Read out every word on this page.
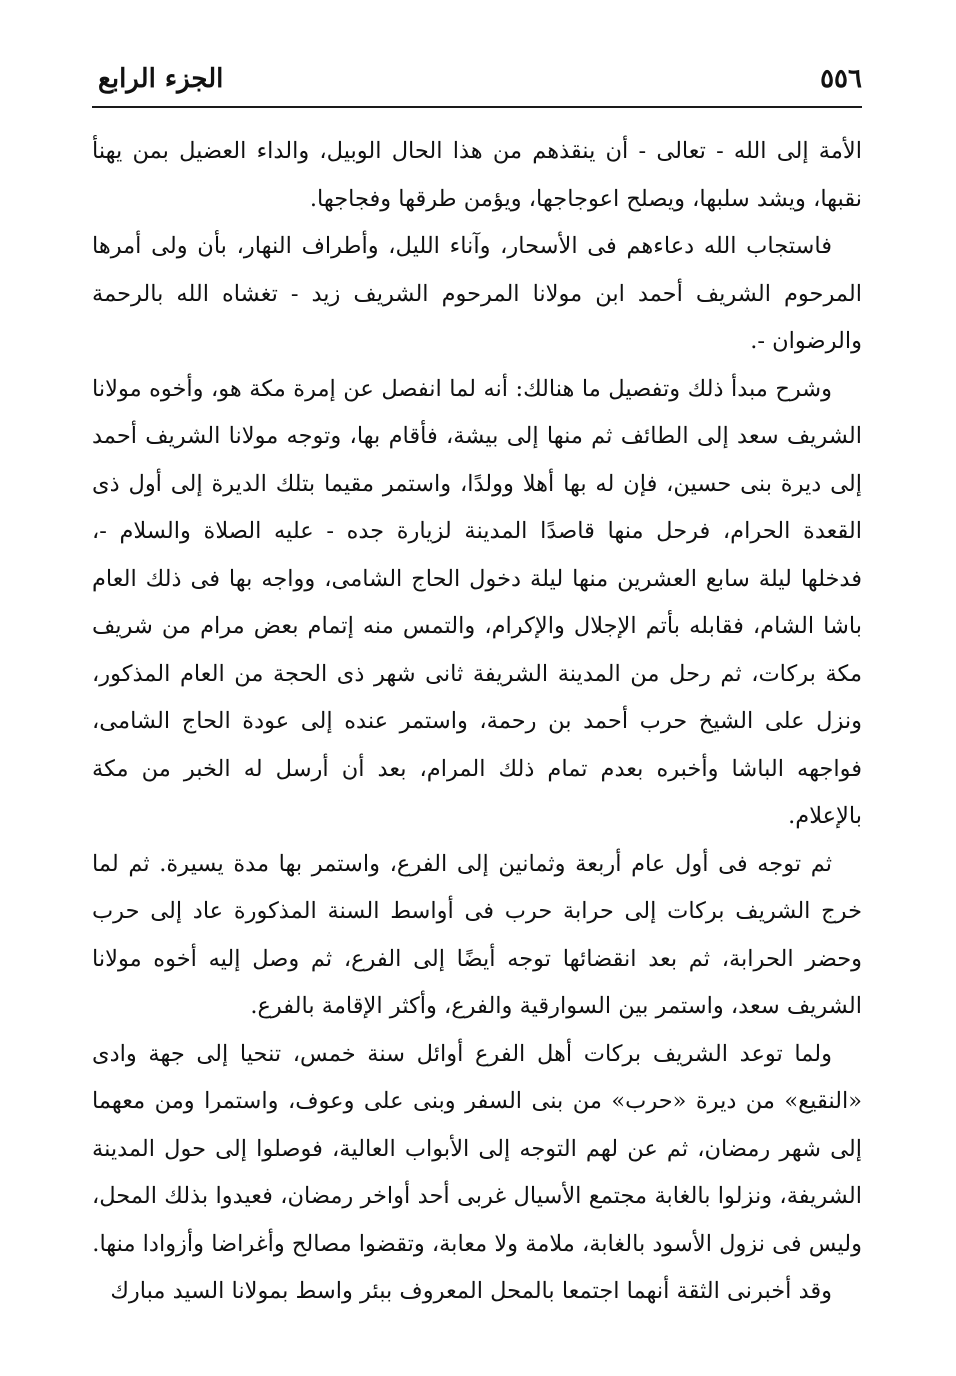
٥٥٦
الجزء الرابع

الأمة إلى الله - تعالى - أن ينقذهم من هذا الحال الوبيل، والداء العضيل بمن يهنأ نقبها، ويشد سلبها، ويصلح اعوجاجها، ويؤمن طرقها وفجاجها.

فاستجاب الله دعاءهم فى الأسحار، وآناء الليل، وأطراف النهار، بأن ولى أمرها المرحوم الشريف أحمد ابن مولانا المرحوم الشريف زيد - تغشاه الله بالرحمة والرضوان -.

وشرح مبدأ ذلك وتفصيل ما هنالك: أنه لما انفصل عن إمرة مكة هو، وأخوه مولانا الشريف سعد إلى الطائف ثم منها إلى بيشة، فأقام بها، وتوجه مولانا الشريف أحمد إلى ديرة بنى حسين، فإن له بها أهلا وولدًا، واستمر مقيما بتلك الديرة إلى أول ذى القعدة الحرام، فرحل منها قاصدًا المدينة لزيارة جده - عليه الصلاة والسلام -، فدخلها ليلة سابع العشرين منها ليلة دخول الحاج الشامى، وواجه بها فى ذلك العام باشا الشام، فقابله بأتم الإجلال والإكرام، والتمس منه إتمام بعض مرام من شريف مكة بركات، ثم رحل من المدينة الشريفة ثانى شهر ذى الحجة من العام المذكور، ونزل على الشيخ حرب أحمد بن رحمة، واستمر عنده إلى عودة الحاج الشامى، فواجهه الباشا وأخبره بعدم تمام ذلك المرام، بعد أن أرسل له الخبر من مكة بالإعلام.

ثم توجه فى أول عام أربعة وثمانين إلى الفرع، واستمر بها مدة يسيرة. ثم لما خرج الشريف بركات إلى حرابة حرب فى أواسط السنة المذكورة عاد إلى حرب وحضر الحرابة، ثم بعد انقضائها توجه أيضًا إلى الفرع، ثم وصل إليه أخوه مولانا الشريف سعد، واستمر بين السوارقية والفرع، وأكثر الإقامة بالفرع.

ولما توعد الشريف بركات أهل الفرع أوائل سنة خمس، تنحيا إلى جهة وادى «النقيع» من ديرة «حرب» من بنى السفر وبنى على وعوف، واستمرا ومن معهما إلى شهر رمضان، ثم عن لهم التوجه إلى الأبواب العالية، فوصلوا إلى حول المدينة الشريفة، ونزلوا بالغابة مجتمع الأسيال غربى أحد أواخر رمضان، فعيدوا بذلك المحل، وليس فى نزول الأسود بالغابة، ملامة ولا معابة، وتقضوا مصالح وأغراضا وأزوادا منها.

وقد أخبرنى الثقة أنهما اجتمعا بالمحل المعروف ببئر واسط بمولانا السيد مبارك
